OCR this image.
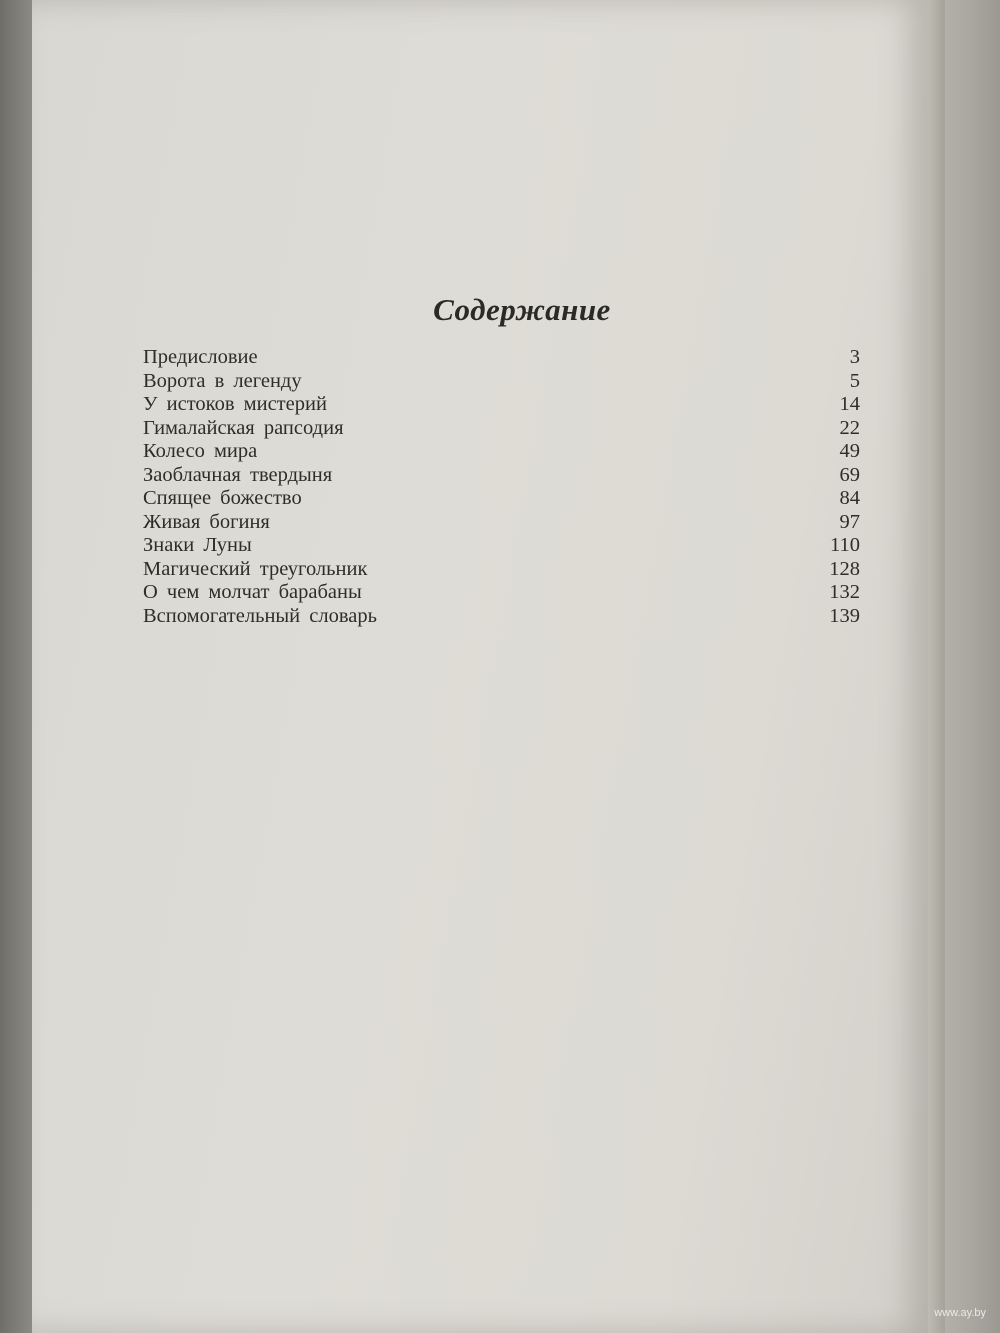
Содержание
Предисловие	3
Ворота в легенду	5
У истоков мистерий	14
Гималайская рапсодия	22
Колесо мира	49
Заоблачная твердыня	69
Спящее божество	84
Живая богиня	97
Знаки Луны	110
Магический треугольник	128
О чем молчат барабаны	132
Вспомогательный словарь	139
www.ay.by
